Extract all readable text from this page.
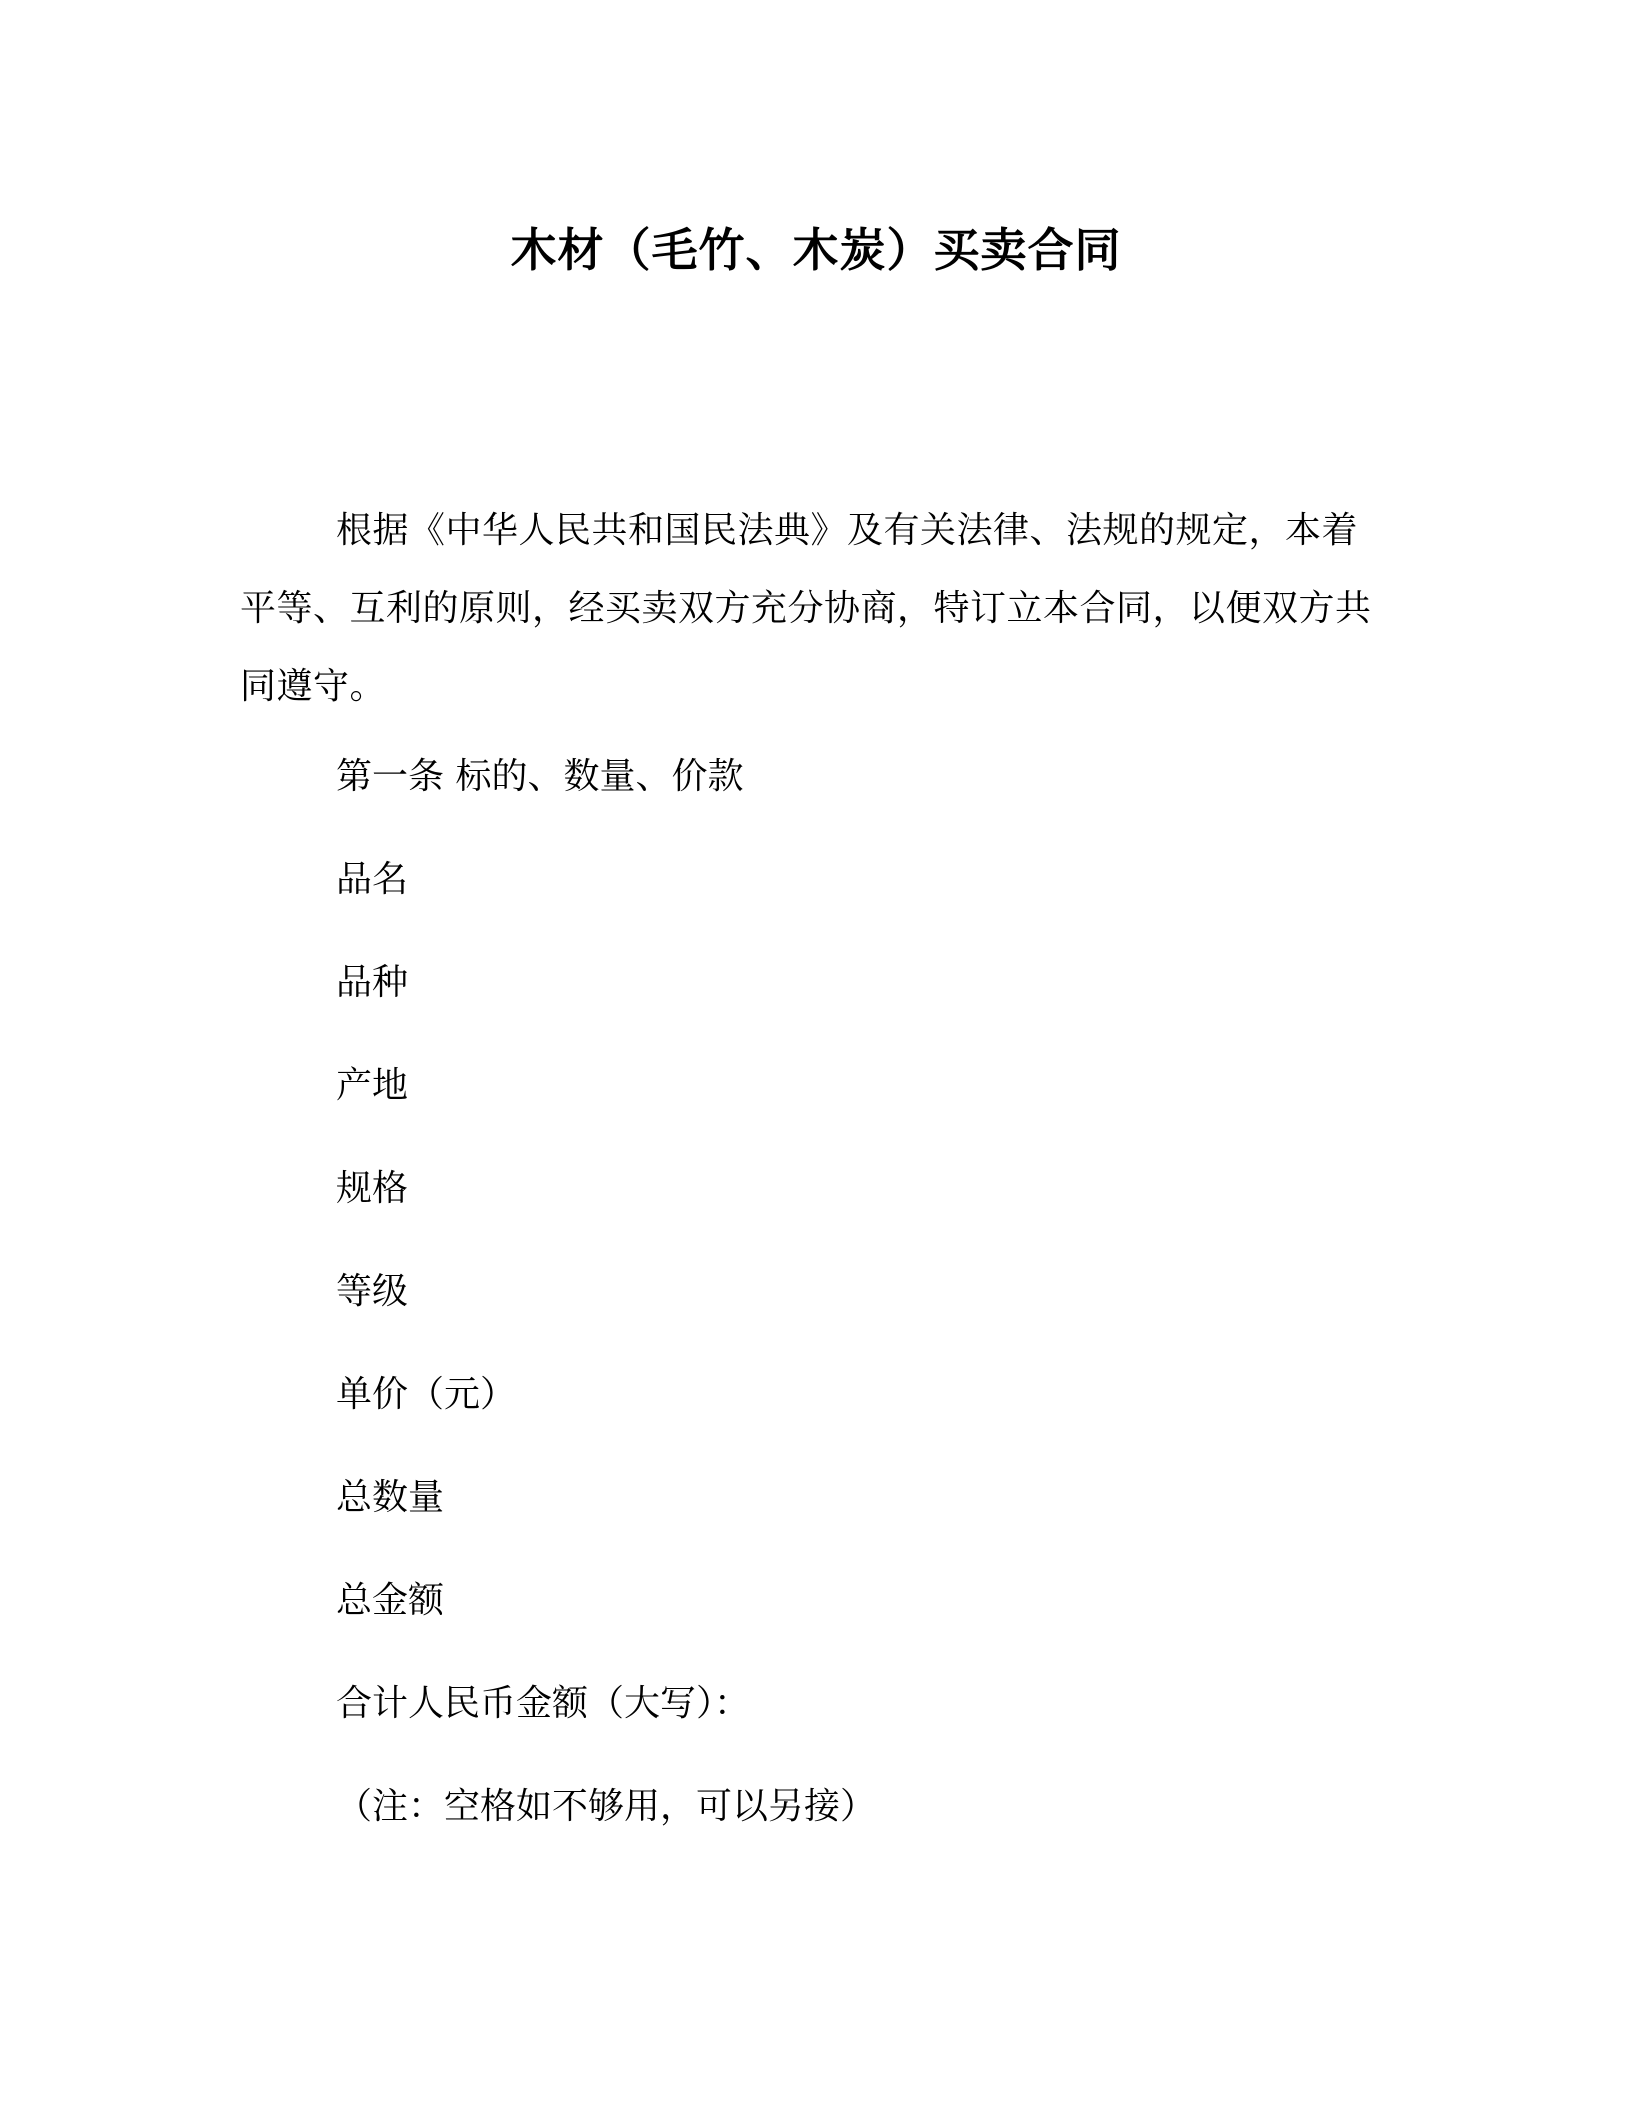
木材（毛竹、木炭）买卖合同
根据《中华人民共和国民法典》及有关法律、法规的规定，本着平等、互利的原则，经买卖双方充分协商，特订立本合同，以便双方共同遵守。
第一条 标的、数量、价款
品名
品种
产地
规格
等级
单价（元）
总数量
总金额
合计人民币金额（大写）：
（注：空格如不够用，可以另接）
